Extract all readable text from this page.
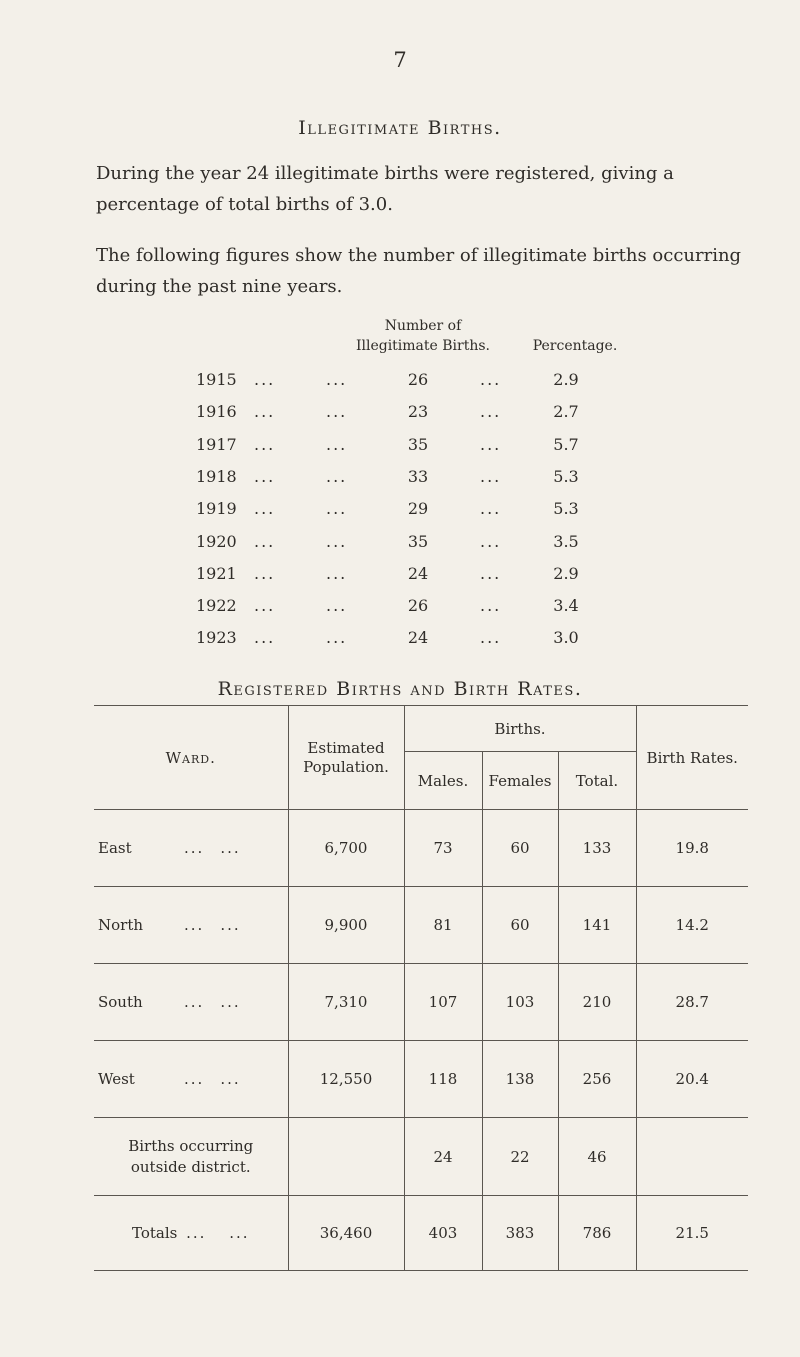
7
Illegitimate Births.
During the year 24 illegitimate births were registered, giving a percentage of total births of 3.0.
The following figures show the number of illegitimate births occurring during the past nine years.
Number of
Illegitimate Births.	Percentage.
1915 ...	...	26	...	2.9
1916 ...	...	23	...	2.7
1917 ...	...	35	...	5.7
1918 ...	...	33	...	5.3
1919 ...	...	29	...	5.3
1920 ...	...	35	...	3.5
1921 ...	...	24	...	2.9
1922 ...	...	26	...	3.4
1923 ...	...	24	...	3.0
Registered Births and Birth Rates.
Ward.	Estimated Population.	Births.			Birth Rates.
		Males.	Females	Total.	
East ... ...	6,700	73	60	133	19.8
North ... ...	9,900	81	60	141	14.2
South ... ...	7,310	107	103	210	28.7
West ... ...	12,550	118	138	256	20.4
Births occurring outside district.		24	22	46	
Totals ... ...	36,460	403	383	786	21.5
